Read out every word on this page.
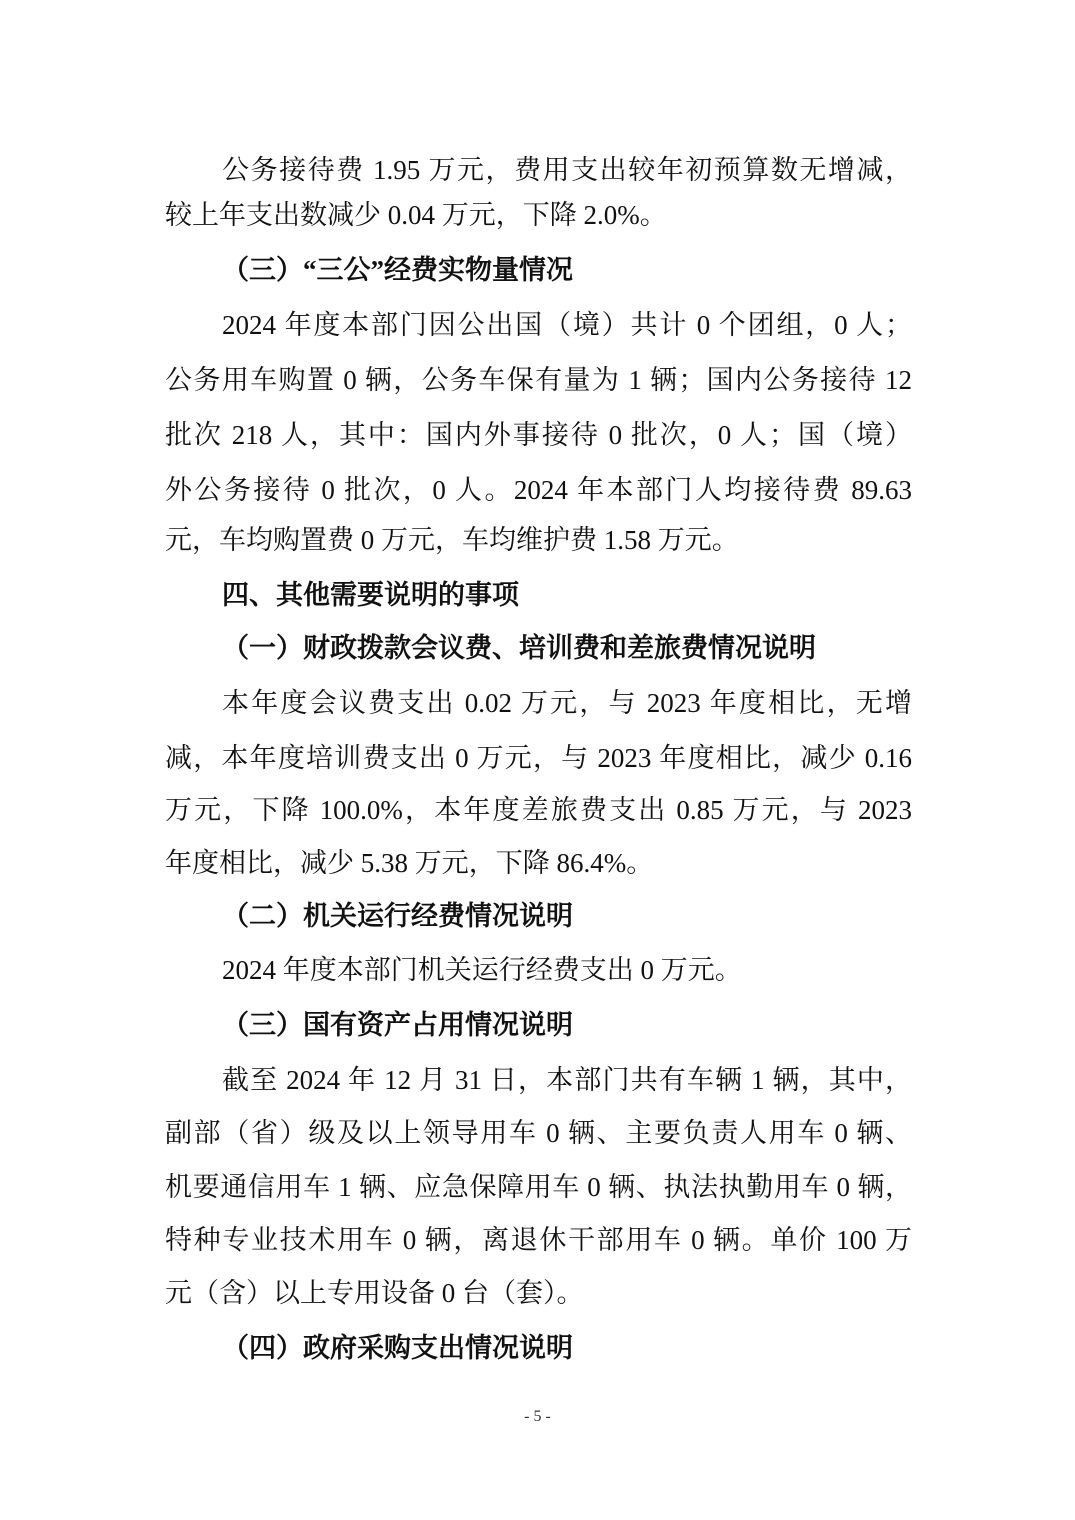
公务接待费 1.95 万元，费用支出较年初预算数无增减，
较上年支出数减少 0.04 万元，下降 2.0%。
（三）“三公”经费实物量情况
2024 年度本部门因公出国（境）共计 0 个团组，0 人；
公务用车购置 0 辆，公务车保有量为 1 辆；国内公务接待 12
批次 218 人，其中：国内外事接待 0 批次，0 人；国（境）
外公务接待 0 批次，0 人。2024 年本部门人均接待费 89.63
元，车均购置费 0 万元，车均维护费 1.58 万元。
四、其他需要说明的事项
（一）财政拨款会议费、培训费和差旅费情况说明
本年度会议费支出 0.02 万元，与 2023 年度相比，无增
减，本年度培训费支出 0 万元，与 2023 年度相比，减少 0.16
万元，下降 100.0%，本年度差旅费支出 0.85 万元，与 2023
年度相比，减少 5.38 万元，下降 86.4%。
（二）机关运行经费情况说明
2024 年度本部门机关运行经费支出 0 万元。
（三）国有资产占用情况说明
截至 2024 年 12 月 31 日，本部门共有车辆 1 辆，其中，
副部（省）级及以上领导用车 0 辆、主要负责人用车 0 辆、
机要通信用车 1 辆、应急保障用车 0 辆、执法执勤用车 0 辆，
特种专业技术用车 0 辆，离退休干部用车 0 辆。单价 100 万
元（含）以上专用设备 0 台（套）。
（四）政府采购支出情况说明
- 5 -
